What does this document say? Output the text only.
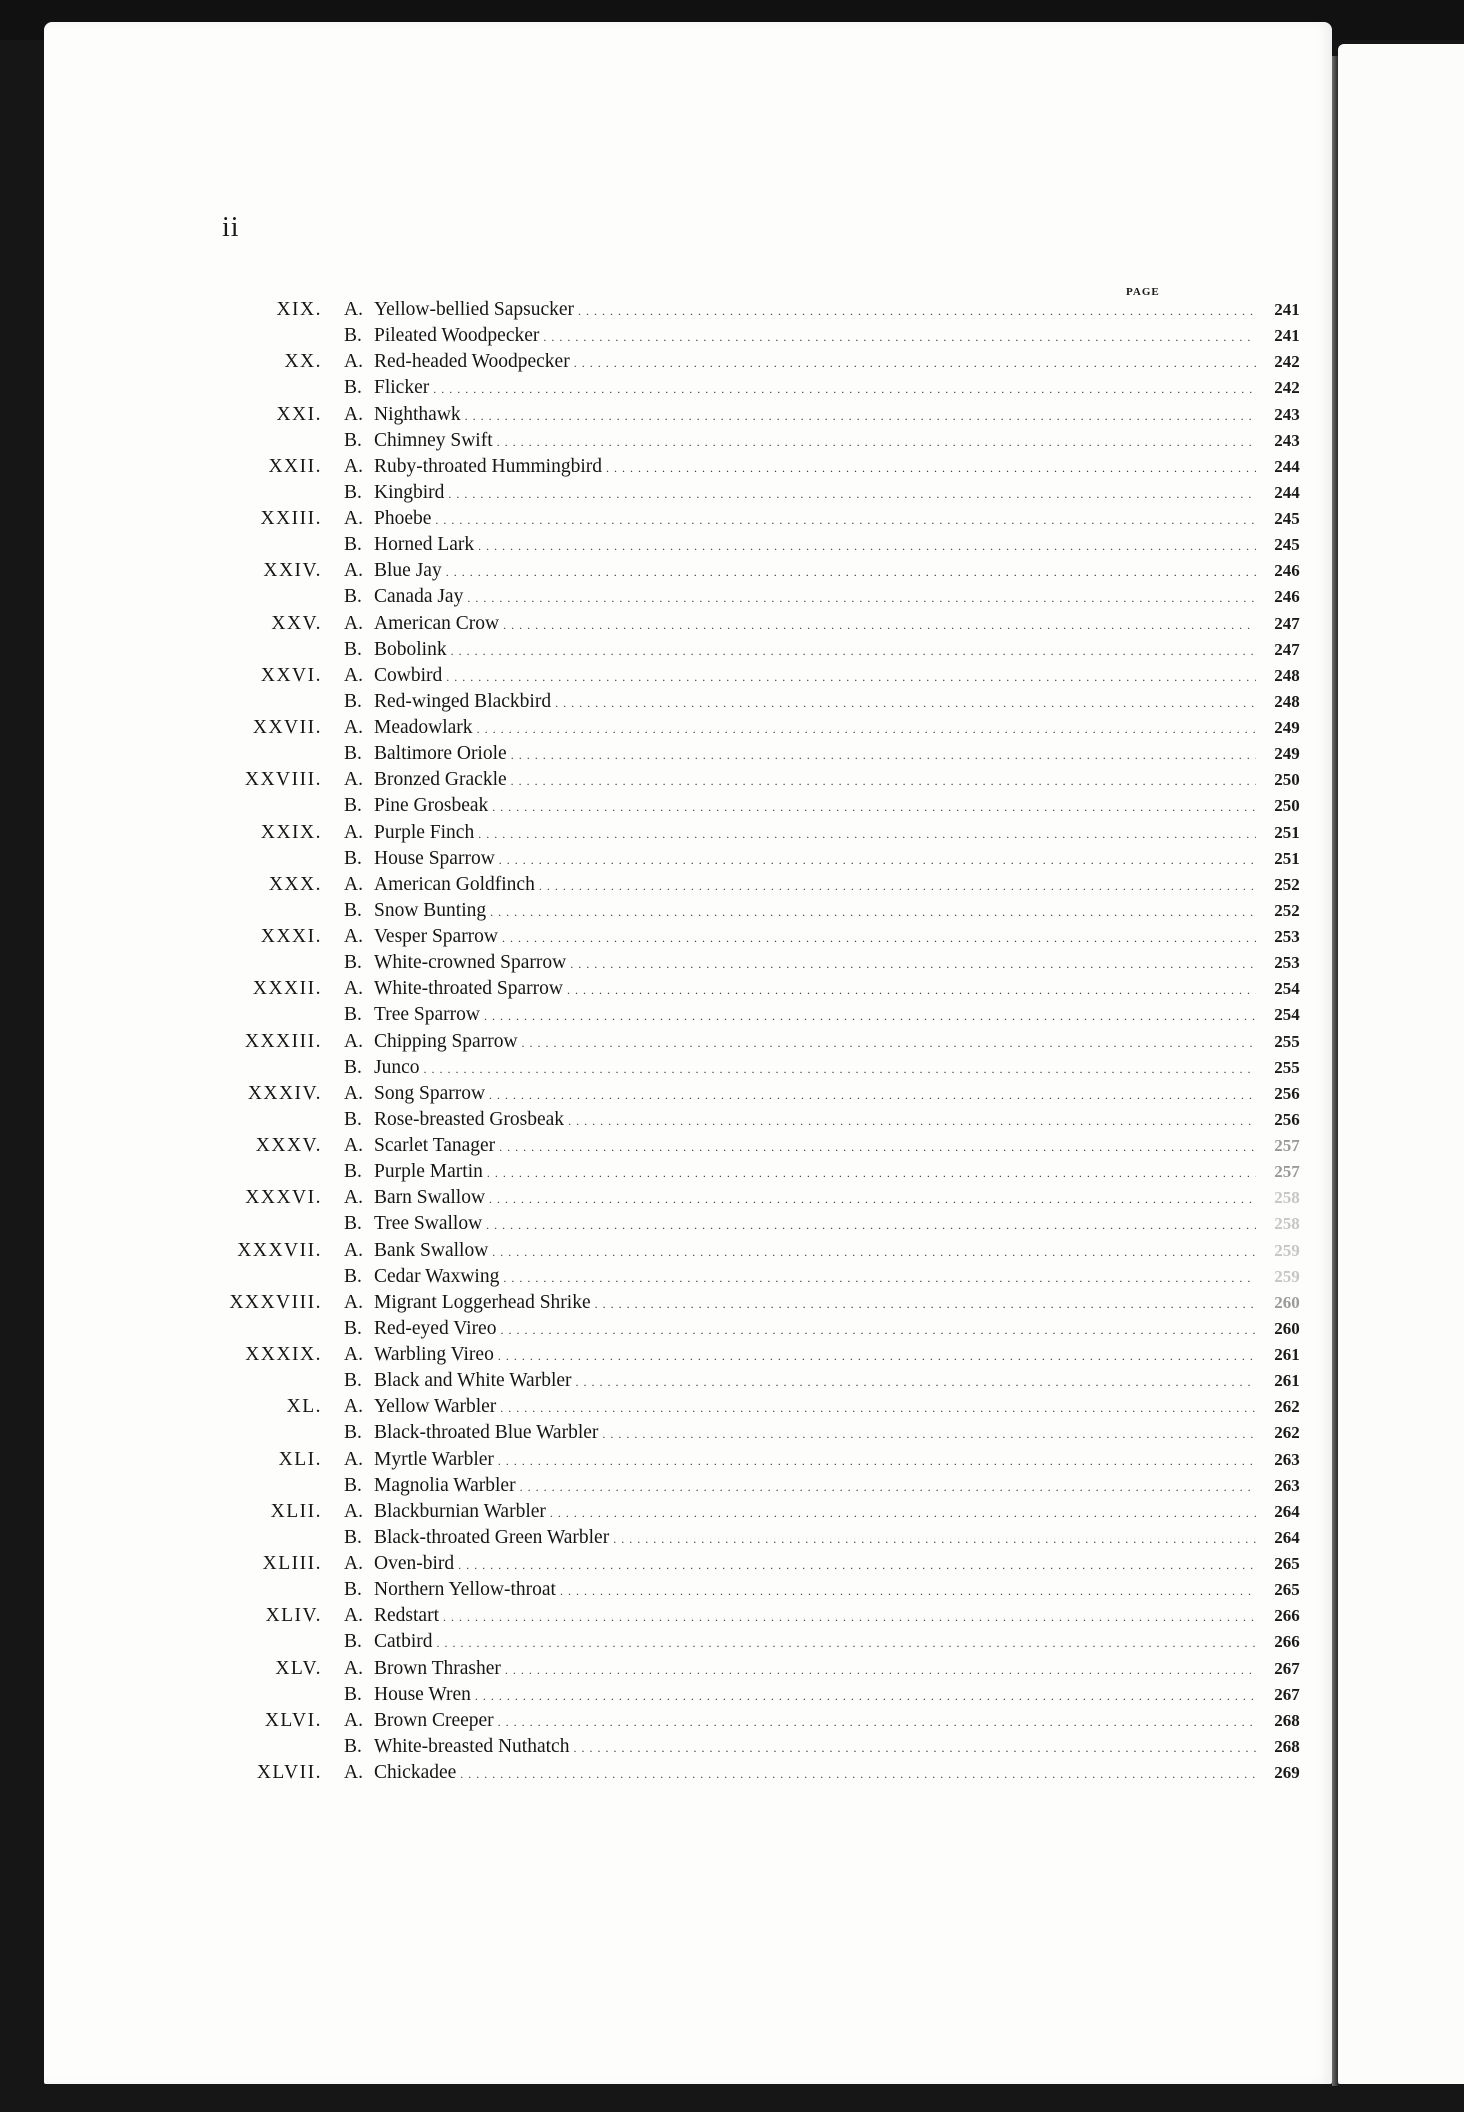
ii
PAGE
XIX. A. Yellow-bellied Sapsucker . . .	241
B. Pileated Woodpecker . . .	241
XX. A. Red-headed Woodpecker . . .	242
B. Flicker . . .	242
XXI. A. Nighthawk . . .	243
B. Chimney Swift . . .	243
XXII. A. Ruby-throated Hummingbird . . .	244
B. Kingbird . . .	244
XXIII. A. Phoebe . . .	245
B. Horned Lark . . .	245
XXIV. A. Blue Jay . . .	246
B. Canada Jay . . .	246
XXV. A. American Crow . . .	247
B. Bobolink . . .	247
XXVI. A. Cowbird . . .	248
B. Red-winged Blackbird . . .	248
XXVII. A. Meadowlark . . .	249
B. Baltimore Oriole . . .	249
XXVIII. A. Bronzed Grackle . . .	250
B. Pine Grosbeak . . .	250
XXIX. A. Purple Finch . . .	251
B. House Sparrow . . .	251
XXX. A. American Goldfinch . . .	252
B. Snow Bunting . . .	252
XXXI. A. Vesper Sparrow . . .	253
B. White-crowned Sparrow . . .	253
XXXII. A. White-throated Sparrow . . .	254
B. Tree Sparrow . . .	254
XXXIII. A. Chipping Sparrow . . .	255
B. Junco . . .	255
XXXIV. A. Song Sparrow . . .	256
B. Rose-breasted Grosbeak . . .	256
XXXV. A. Scarlet Tanager . . .	257
B. Purple Martin . . .	257
XXXVI. A. Barn Swallow . . .	258
B. Tree Swallow . . .	258
XXXVII. A. Bank Swallow . . .	259
B. Cedar Waxwing . . .	259
XXXVIII. A. Migrant Loggerhead Shrike . . .	260
B. Red-eyed Vireo . . .	260
XXXIX. A. Warbling Vireo . . .	261
B. Black and White Warbler . . .	261
XL. A. Yellow Warbler . . .	262
B. Black-throated Blue Warbler . . .	262
XLI. A. Myrtle Warbler . . .	263
B. Magnolia Warbler . . .	263
XLII. A. Blackburnian Warbler . . .	264
B. Black-throated Green Warbler . . .	264
XLIII. A. Oven-bird . . .	265
B. Northern Yellow-throat . . .	265
XLIV. A. Redstart . . .	266
B. Catbird . . .	266
XLV. A. Brown Thrasher . . .	267
B. House Wren . . .	267
XLVI. A. Brown Creeper . . .	268
B. White-breasted Nuthatch . . .	268
XLVII. A. Chickadee . . .	269
